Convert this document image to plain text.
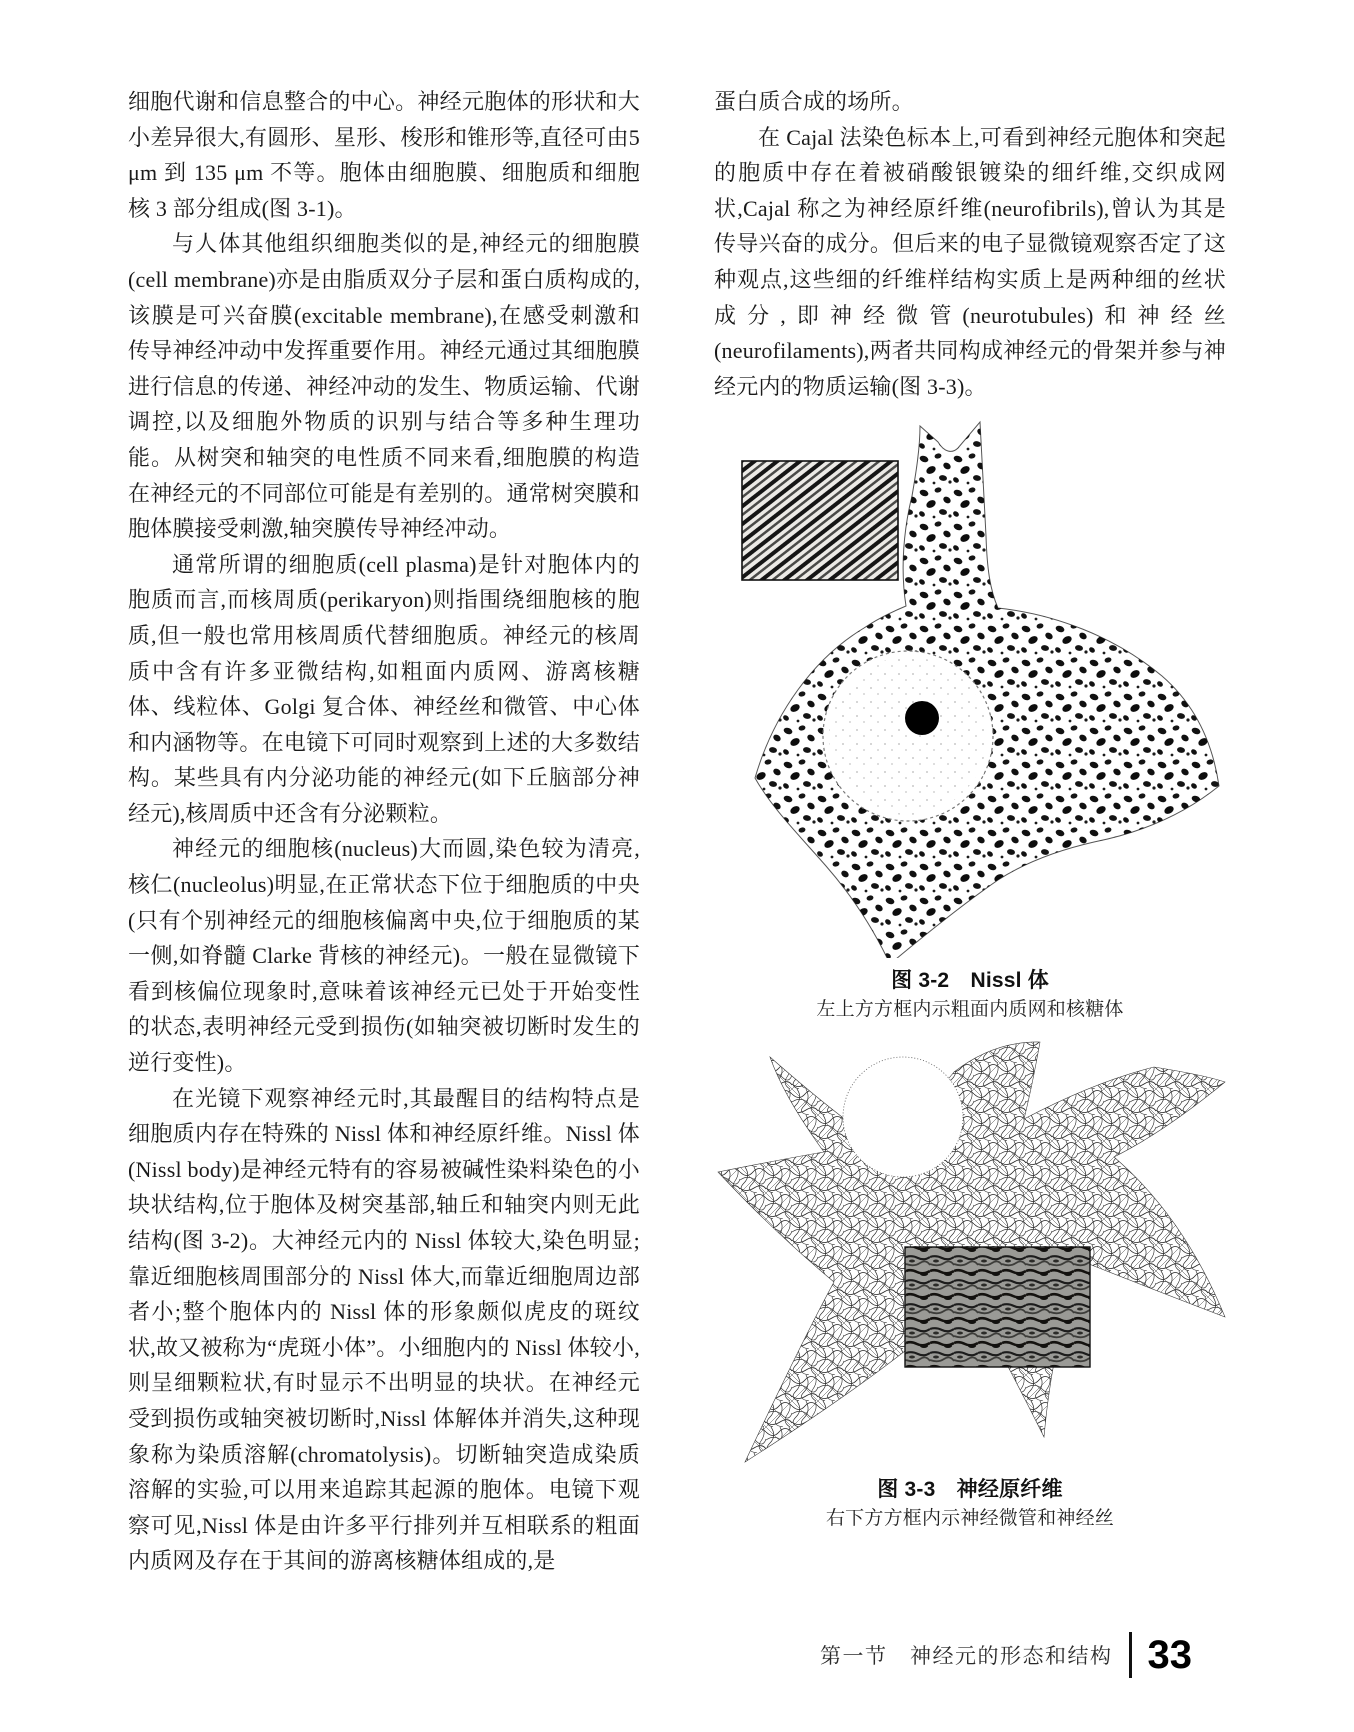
细胞代谢和信息整合的中心。神经元胞体的形状和大小差异很大,有圆形、星形、梭形和锥形等,直径可由5 μm 到 135 μm 不等。胞体由细胞膜、细胞质和细胞核 3 部分组成(图 3-1)。

与人体其他组织细胞类似的是,神经元的细胞膜(cell membrane)亦是由脂质双分子层和蛋白质构成的,该膜是可兴奋膜(excitable membrane),在感受刺激和传导神经冲动中发挥重要作用。神经元通过其细胞膜进行信息的传递、神经冲动的发生、物质运输、代谢调控,以及细胞外物质的识别与结合等多种生理功能。从树突和轴突的电性质不同来看,细胞膜的构造在神经元的不同部位可能是有差别的。通常树突膜和胞体膜接受刺激,轴突膜传导神经冲动。

通常所谓的细胞质(cell plasma)是针对胞体内的胞质而言,而核周质(perikaryon)则指围绕细胞核的胞质,但一般也常用核周质代替细胞质。神经元的核周质中含有许多亚微结构,如粗面内质网、游离核糖体、线粒体、Golgi 复合体、神经丝和微管、中心体和内涵物等。在电镜下可同时观察到上述的大多数结构。某些具有内分泌功能的神经元(如下丘脑部分神经元),核周质中还含有分泌颗粒。

神经元的细胞核(nucleus)大而圆,染色较为清亮,核仁(nucleolus)明显,在正常状态下位于细胞质的中央(只有个别神经元的细胞核偏离中央,位于细胞质的某一侧,如脊髓 Clarke 背核的神经元)。一般在显微镜下看到核偏位现象时,意味着该神经元已处于开始变性的状态,表明神经元受到损伤(如轴突被切断时发生的逆行变性)。

在光镜下观察神经元时,其最醒目的结构特点是细胞质内存在特殊的 Nissl 体和神经原纤维。Nissl 体(Nissl body)是神经元特有的容易被碱性染料染色的小块状结构,位于胞体及树突基部,轴丘和轴突内则无此结构(图 3-2)。大神经元内的 Nissl 体较大,染色明显;靠近细胞核周围部分的 Nissl 体大,而靠近细胞周边部者小;整个胞体内的 Nissl 体的形象颇似虎皮的斑纹状,故又被称为“虎斑小体”。小细胞内的 Nissl 体较小,则呈细颗粒状,有时显示不出明显的块状。在神经元受到损伤或轴突被切断时,Nissl 体解体并消失,这种现象称为染质溶解(chromatolysis)。切断轴突造成染质溶解的实验,可以用来追踪其起源的胞体。电镜下观察可见,Nissl 体是由许多平行排列并互相联系的粗面内质网及存在于其间的游离核糖体组成的,是

蛋白质合成的场所。

在 Cajal 法染色标本上,可看到神经元胞体和突起的胞质中存在着被硝酸银镀染的细纤维,交织成网状,Cajal 称之为神经原纤维(neurofibrils),曾认为其是传导兴奋的成分。但后来的电子显微镜观察否定了这种观点,这些细的纤维样结构实质上是两种细的丝状成分,即神经微管(neurotubules)和神经丝(neurofilaments),两者共同构成神经元的骨架并参与神经元内的物质运输(图 3-3)。

图 3-2　Nissl 体
左上方方框内示粗面内质网和核糖体
图 3-3　神经原纤维
右下方方框内示神经微管和神经丝
第一节　神经元的形态和结构 33
